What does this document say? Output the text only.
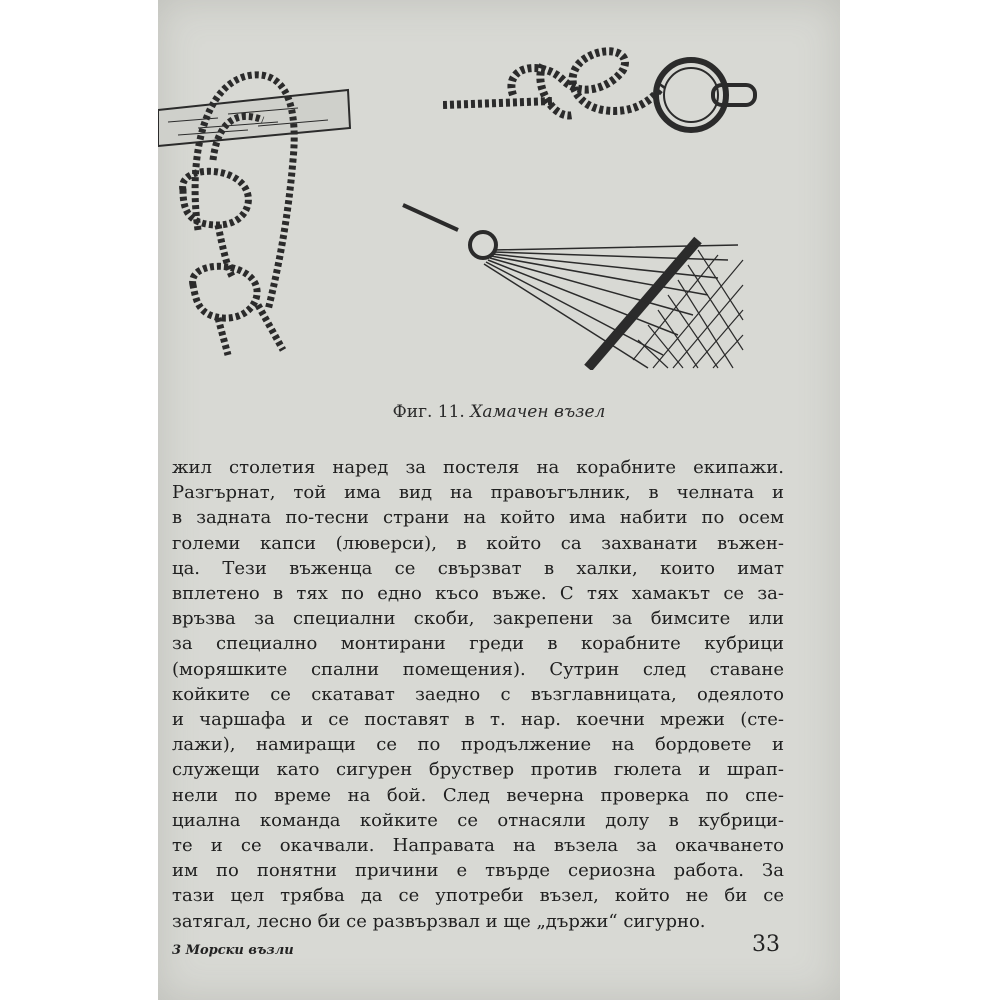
Фиг. 11. Хамачен възел
жил столетия наред за постеля на корабните екипажи.
Разгърнат, той има вид на правоъгълник, в челната и
в задната по-тесни страни на който има набити по осем
големи капси (люверси), в който са захванати въжен-
ца. Тези въженца се свързват в халки, които имат
вплетено в тях по едно късо въже. С тях хамакът се за-
връзва за специални скоби, закрепени за бимсите или
за специално монтирани греди в корабните кубрици
(моряшките спални помещения). Сутрин след ставане
койките се скатават заедно с възглавницата, одеялото
и чаршафа и се поставят в т. нар. коечни мрежи (сте-
лажи), намиращи се по продължение на бордовете и
служещи като сигурен бруствер против гюлета и шрап-
нели по време на бой. След вечерна проверка по спе-
циална команда койките се отнасяли долу в кубрици-
те и се окачвали. Направата на възела за окачването
им по понятни причини е твърде сериозна работа. За
тази цел трябва да се употреби възел, който не би се
затягал, лесно би се развързвал и ще „държи“ сигурно.
3 Морски възли	33
